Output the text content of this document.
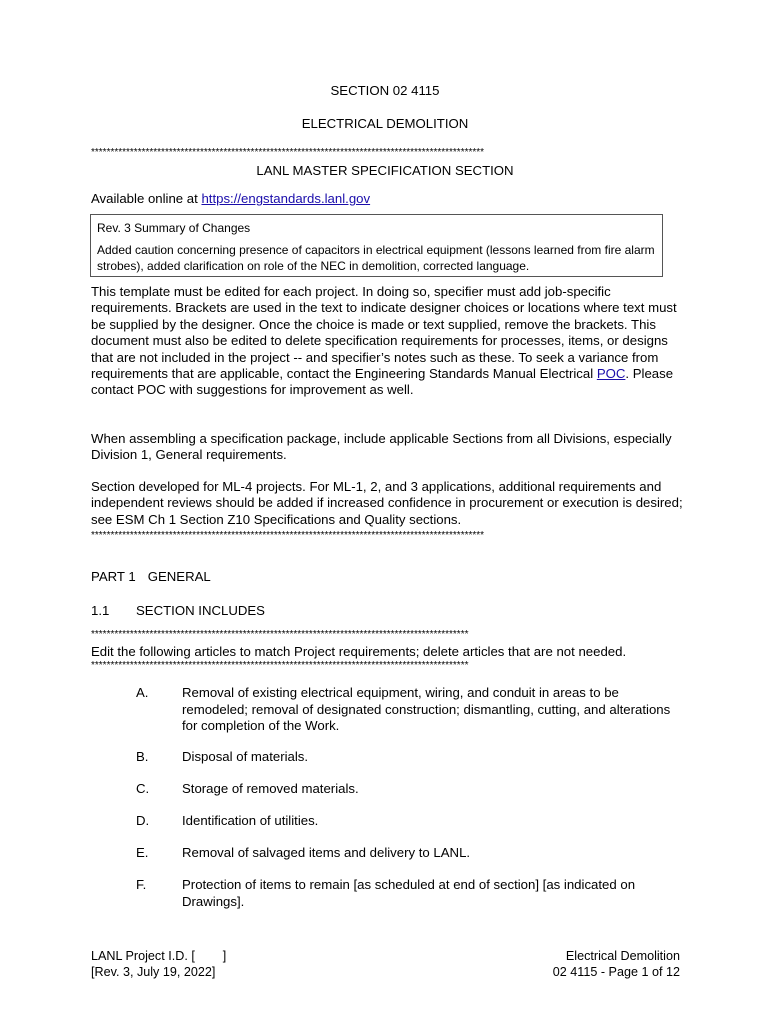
SECTION 02 4115
ELECTRICAL DEMOLITION
*****************************************************************************************************
LANL MASTER SPECIFICATION SECTION
Available online at https://engstandards.lanl.gov
Rev. 3 Summary of Changes
Added caution concerning presence of capacitors in electrical equipment (lessons learned from fire alarm strobes), added clarification on role of the NEC in demolition, corrected language.
This template must be edited for each project. In doing so, specifier must add job-specific requirements. Brackets are used in the text to indicate designer choices or locations where text must be supplied by the designer. Once the choice is made or text supplied, remove the brackets. This document must also be edited to delete specification requirements for processes, items, or designs that are not included in the project -- and specifier’s notes such as these. To seek a variance from requirements that are applicable, contact the Engineering Standards Manual Electrical POC. Please contact POC with suggestions for improvement as well.
When assembling a specification package, include applicable Sections from all Divisions, especially Division 1, General requirements.
Section developed for ML-4 projects. For ML-1, 2, and 3 applications, additional requirements and independent reviews should be added if increased confidence in procurement or execution is desired; see ESM Ch 1 Section Z10 Specifications and Quality sections.
*****************************************************************************************************
PART 1 GENERAL
1.1 SECTION INCLUDES
*************************************************************************************************
Edit the following articles to match Project requirements; delete articles that are not needed.
*************************************************************************************************
A.	Removal of existing electrical equipment, wiring, and conduit in areas to be remodeled; removal of designated construction; dismantling, cutting, and alterations for completion of the Work.
B.	Disposal of materials.
C. Storage of removed materials.
D. Identification of utilities.
E.	Removal of salvaged items and delivery to LANL.
F.	Protection of items to remain [as scheduled at end of section] [as indicated on Drawings].
LANL Project I.D. [        ]
[Rev. 3, July 19, 2022]
Electrical Demolition
02 4115 - Page 1 of 12
